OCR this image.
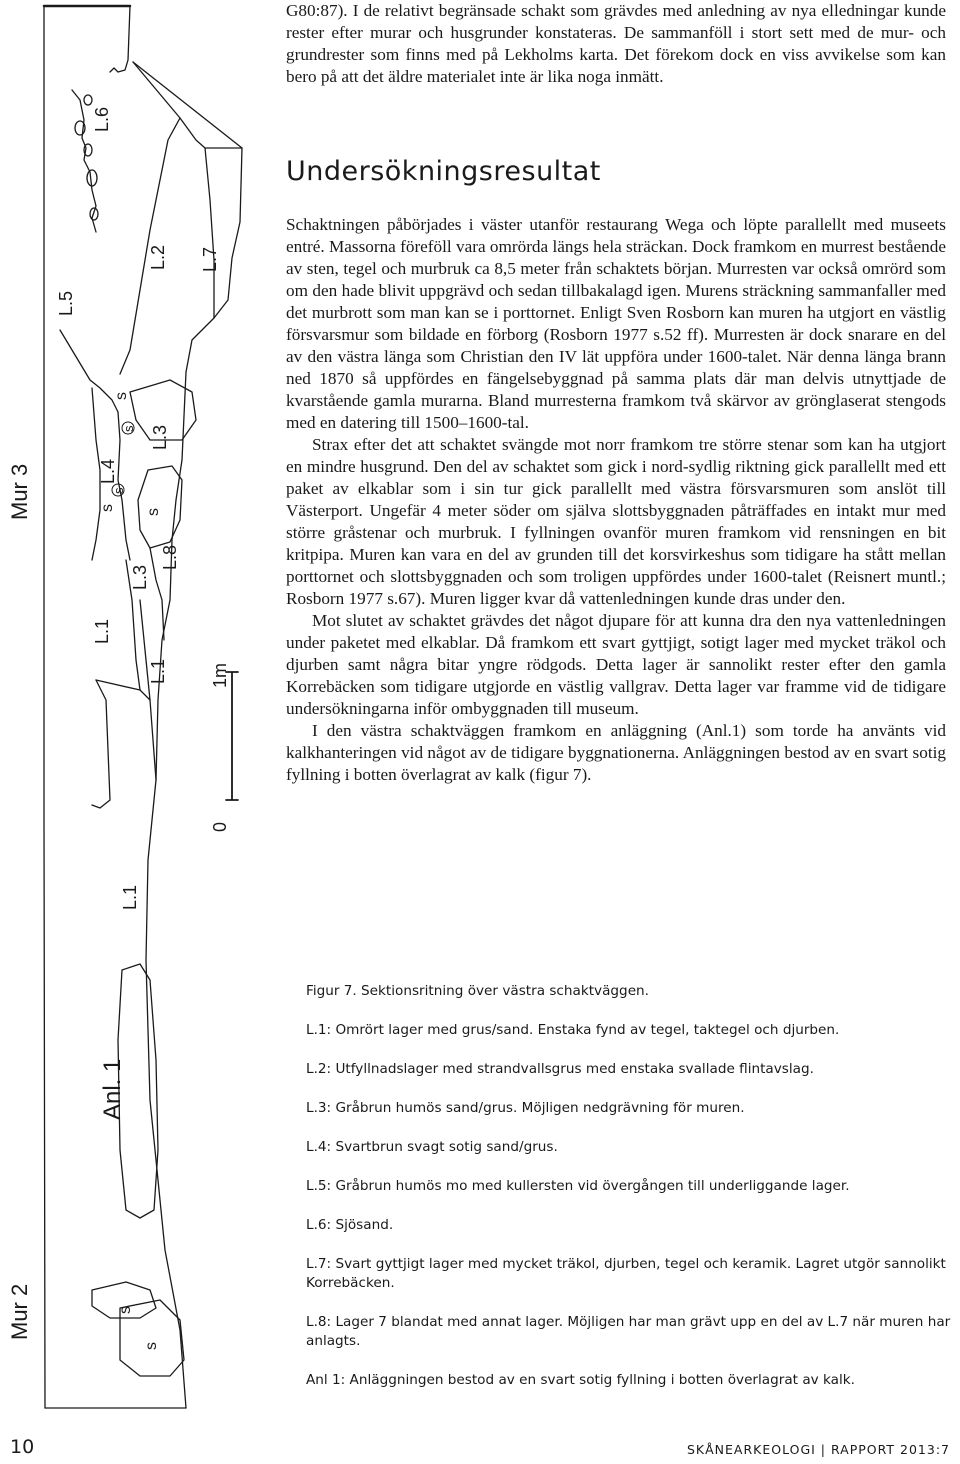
Mur 3
Mur 2
Anl. 1
L.6
L.5
L.2 L.7
L.4
L.3
L.3
L.8
L.1
L.1
L.1
1m
0
s
s
s
s
s
s
s

G80:87). I de relativt begränsade schakt som grävdes med anledning av nya elledningar kunde rester efter murar och husgrunder konstateras. De sammanföll i stort sett med de mur- och grundrester som finns med på Lekholms karta. Det förekom dock en viss avvikelse som kan bero på att det äldre materialet inte är lika noga inmätt.

Undersökningsresultat

Schaktningen påbörjades i väster utanför restaurang Wega och löpte parallellt med museets entré. Massorna föreföll vara omrörda längs hela sträckan. Dock framkom en murrest bestående av sten, tegel och murbruk ca 8,5 meter från schaktets början. Murresten var också omrörd som om den hade blivit uppgrävd och sedan tillbakalagd igen. Murens sträckning sammanfaller med det murbrott som man kan se i porttornet. Enligt Sven Rosborn kan muren ha utgjort en västlig försvarsmur som bildade en förborg (Rosborn 1977 s.52 ff). Murresten är dock snarare en del av den västra länga som Christian den IV lät uppföra under 1600-talet. När denna länga brann ned 1870 så uppfördes en fängelsebyggnad på samma plats där man delvis utnyttjade de kvarstående gamla murarna. Bland murresterna framkom två skärvor av grönglaserat stengods med en datering till 1500–1600-tal.

Strax efter det att schaktet svängde mot norr framkom tre större stenar som kan ha utgjort en mindre husgrund. Den del av schaktet som gick i nord-sydlig riktning gick parallellt med ett paket av elkablar som i sin tur gick parallellt med västra försvarsmuren som anslöt till Västerport. Ungefär 4 meter söder om själva slottsbyggnaden påträffades en intakt mur med större gråstenar och murbruk. I fyllningen ovanför muren framkom vid rensningen en bit kritpipa. Muren kan vara en del av grunden till det korsvirkeshus som tidigare ha stått mellan porttornet och slottsbyggnaden och som troligen uppfördes under 1600-talet (Reisnert muntl.; Rosborn 1977 s.67). Muren ligger kvar då vattenledningen kunde dras under den.

Mot slutet av schaktet grävdes det något djupare för att kunna dra den nya vattenledningen under paketet med elkablar. Då framkom ett svart gyttjigt, sotigt lager med mycket träkol och djurben samt några bitar yngre rödgods. Detta lager är sannolikt rester efter den gamla Korrebäcken som tidigare utgjorde en västlig vallgrav. Detta lager var framme vid de tidigare undersökningarna inför ombyggnaden till museum.

I den västra schaktväggen framkom en anläggning (Anl.1) som torde ha använts vid kalkhanteringen vid något av de tidigare byggnationerna. Anläggningen bestod av en svart sotig fyllning i botten överlagrat av kalk (figur 7).

Figur 7. Sektionsritning över västra schaktväggen.

L.1: Omrört lager med grus/sand. Enstaka fynd av tegel, taktegel och djurben.

L.2: Utfyllnadslager med strandvallsgrus med enstaka svallade flintavslag.

L.3: Gråbrun humös sand/grus. Möjligen nedgrävning för muren.

L.4: Svartbrun svagt sotig sand/grus.

L.5: Gråbrun humös mo med kullersten vid övergången till underliggande lager.

L.6: Sjösand.

L.7: Svart gyttjigt lager med mycket träkol, djurben, tegel och keramik. Lagret utgör sannolikt Korrebäcken.

L.8: Lager 7 blandat med annat lager. Möjligen har man grävt upp en del av L.7 när muren har anlagts.

Anl 1: Anläggningen bestod av en svart sotig fyllning i botten överlagrat av kalk.

10	SKÅNEARKEOLOGI | RAPPORT 2013:7
